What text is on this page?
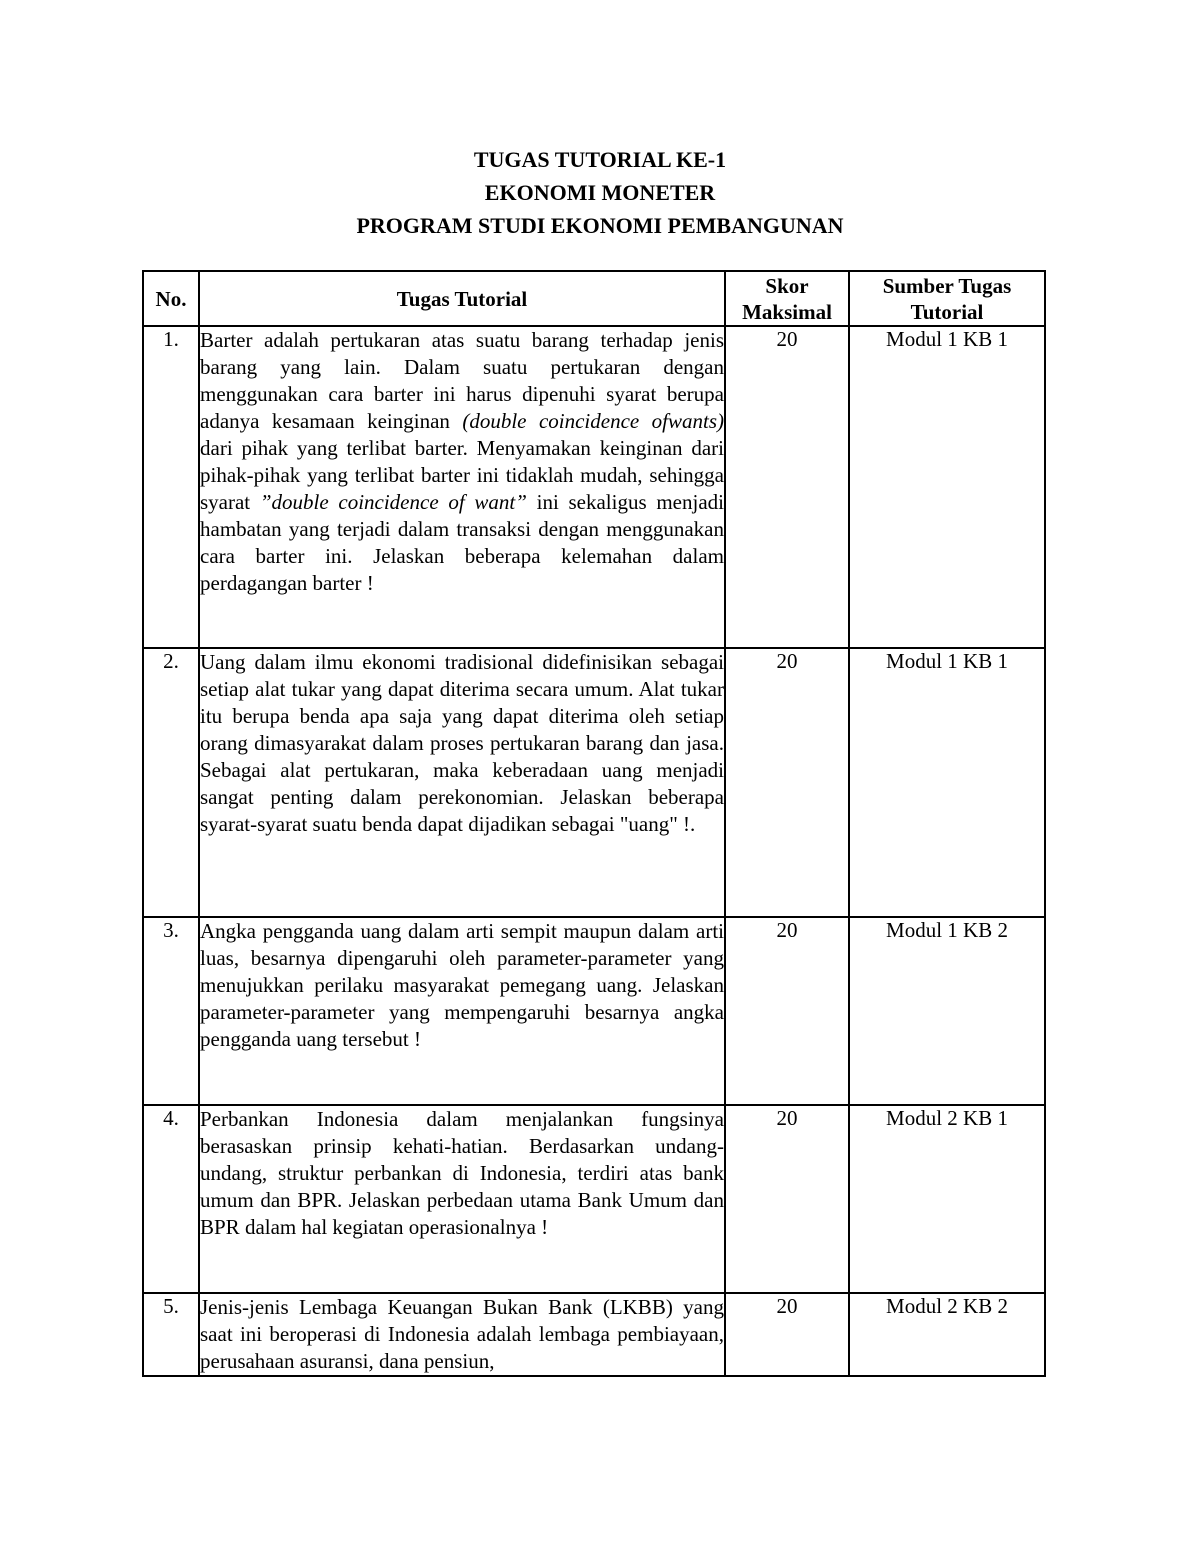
TUGAS TUTORIAL KE-1
EKONOMI MONETER
PROGRAM STUDI EKONOMI PEMBANGUNAN
No.	Tugas Tutorial	Skor Maksimal	Sumber Tugas Tutorial
1.	Barter adalah pertukaran atas suatu barang terhadap jenis barang yang lain. Dalam suatu pertukaran dengan menggunakan cara barter ini harus dipenuhi syarat berupa adanya kesamaan keinginan (double coincidence ofwants) dari pihak yang terlibat barter. Menyamakan keinginan dari pihak-pihak yang terlibat barter ini tidaklah mudah, sehingga syarat ”double coincidence of want” ini sekaligus menjadi hambatan yang terjadi dalam transaksi dengan menggunakan cara barter ini. Jelaskan beberapa kelemahan dalam perdagangan barter !	20	Modul 1 KB 1
2.	Uang dalam ilmu ekonomi tradisional didefinisikan sebagai setiap alat tukar yang dapat diterima secara umum. Alat tukar itu berupa benda apa saja yang dapat diterima oleh setiap orang dimasyarakat dalam proses pertukaran barang dan jasa. Sebagai alat pertukaran, maka keberadaan uang menjadi sangat penting dalam perekonomian. Jelaskan beberapa syarat-syarat suatu benda dapat dijadikan sebagai "uang" !.	20	Modul 1 KB 1
3.	Angka pengganda uang dalam arti sempit maupun dalam arti luas, besarnya dipengaruhi oleh parameter-parameter yang menujukkan perilaku masyarakat pemegang uang. Jelaskan parameter-parameter yang mempengaruhi besarnya angka pengganda uang tersebut !	20	Modul 1 KB 2
4.	Perbankan Indonesia dalam menjalankan fungsinya berasaskan prinsip kehati-hatian. Berdasarkan undang-undang, struktur perbankan di Indonesia, terdiri atas bank umum dan BPR. Jelaskan perbedaan utama Bank Umum dan BPR dalam hal kegiatan operasionalnya !	20	Modul 2 KB 1
5.	Jenis-jenis Lembaga Keuangan Bukan Bank (LKBB) yang saat ini beroperasi di Indonesia adalah lembaga pembiayaan, perusahaan asuransi, dana pensiun,	20	Modul 2 KB 2
